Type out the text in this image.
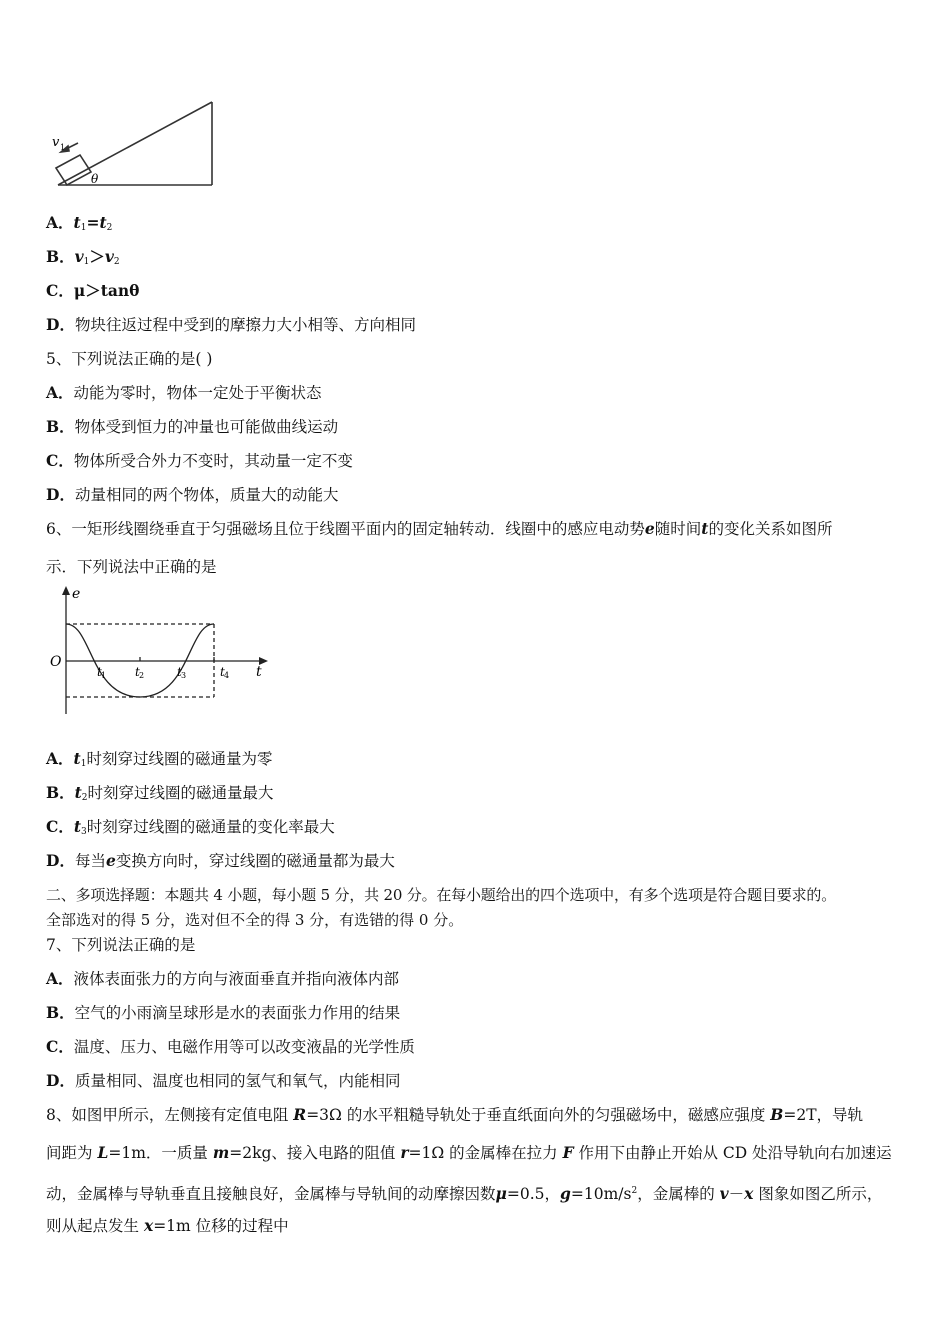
v 1
θ
A．$t_1=t_2$
B．$v_1>v_2$
C．μ＞tanθ
D．物块往返过程中受到的摩擦力大小相等、方向相同
5、下列说法正确的是( )
A．动能为零时，物体一定处于平衡状态
B．物体受到恒力的冲量也可能做曲线运动
C．物体所受合外力不变时，其动量一定不变
D．动量相同的两个物体，质量大的动能大
6、一矩形线圈绕垂直于匀强磁场且位于线圈平面内的固定轴转动．线圈中的感应电动势e随时间t的变化关系如图所
示．下列说法中正确的是
e
O
t
t 1 t 2	t 3	t 4
A．$t_1$时刻穿过线圈的磁通量为零
B．$t_2$时刻穿过线圈的磁通量最大
C．$t_3$时刻穿过线圈的磁通量的变化率最大
D．每当e变换方向时，穿过线圈的磁通量都为最大
二、多项选择题：本题共 4 小题，每小题 5 分，共 20 分。在每小题给出的四个选项中，有多个选项是符合题目要求的。
全部选对的得 5 分，选对但不全的得 3 分，有选错的得 0 分。
7、下列说法正确的是
A．液体表面张力的方向与液面垂直并指向液体内部
B．空气的小雨滴呈球形是水的表面张力作用的结果
C．温度、压力、电磁作用等可以改变液晶的光学性质
D．质量相同、温度也相同的氢气和氧气，内能相同
8、如图甲所示，左侧接有定值电阻 R=3Ω 的水平粗糙导轨处于垂直纸面向外的匀强磁场中，磁感应强度 B=2T，导轨
间距为 L=1m．一质量 m=2kg、接入电路的阻值 r=1Ω 的金属棒在拉力 F 作用下由静止开始从 CD 处沿导轨向右加速运
动，金属棒与导轨垂直且接触良好，金属棒与导轨间的动摩擦因数μ=0.5，$g=10m/s^2$，金属棒的 v－x 图象如图乙所示，
则从起点发生 x=1m 位移的过程中
